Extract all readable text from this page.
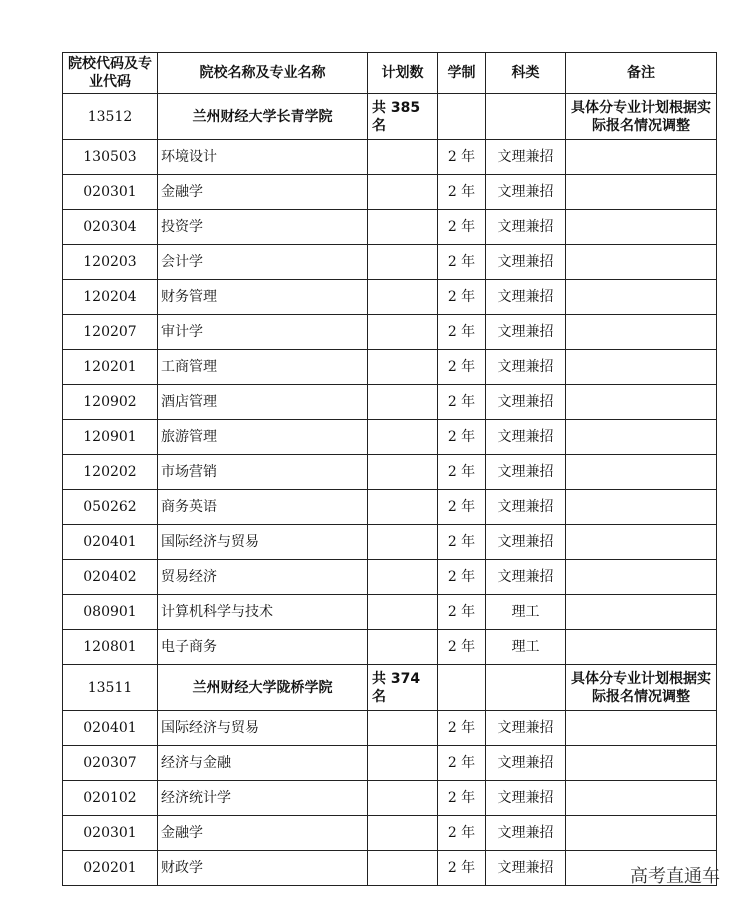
院校代码及专业代码	院校名称及专业名称	计划数	学制	科类	备注
13512	兰州财经大学长青学院	共 385 名			具体分专业计划根据实际报名情况调整
130503	环境设计		2 年	文理兼招	
020301	金融学		2 年	文理兼招	
020304	投资学		2 年	文理兼招	
120203	会计学		2 年	文理兼招	
120204	财务管理		2 年	文理兼招	
120207	审计学		2 年	文理兼招	
120201	工商管理		2 年	文理兼招	
120902	酒店管理		2 年	文理兼招	
120901	旅游管理		2 年	文理兼招	
120202	市场营销		2 年	文理兼招	
050262	商务英语		2 年	文理兼招	
020401	国际经济与贸易		2 年	文理兼招	
020402	贸易经济		2 年	文理兼招	
080901	计算机科学与技术		2 年	理工	
120801	电子商务		2 年	理工	
13511	兰州财经大学陇桥学院	共 374 名			具体分专业计划根据实际报名情况调整
020401	国际经济与贸易		2 年	文理兼招	
020307	经济与金融		2 年	文理兼招	
020102	经济统计学		2 年	文理兼招	
020301	金融学		2 年	文理兼招	
020201	财政学		2 年	文理兼招		高考直通车
